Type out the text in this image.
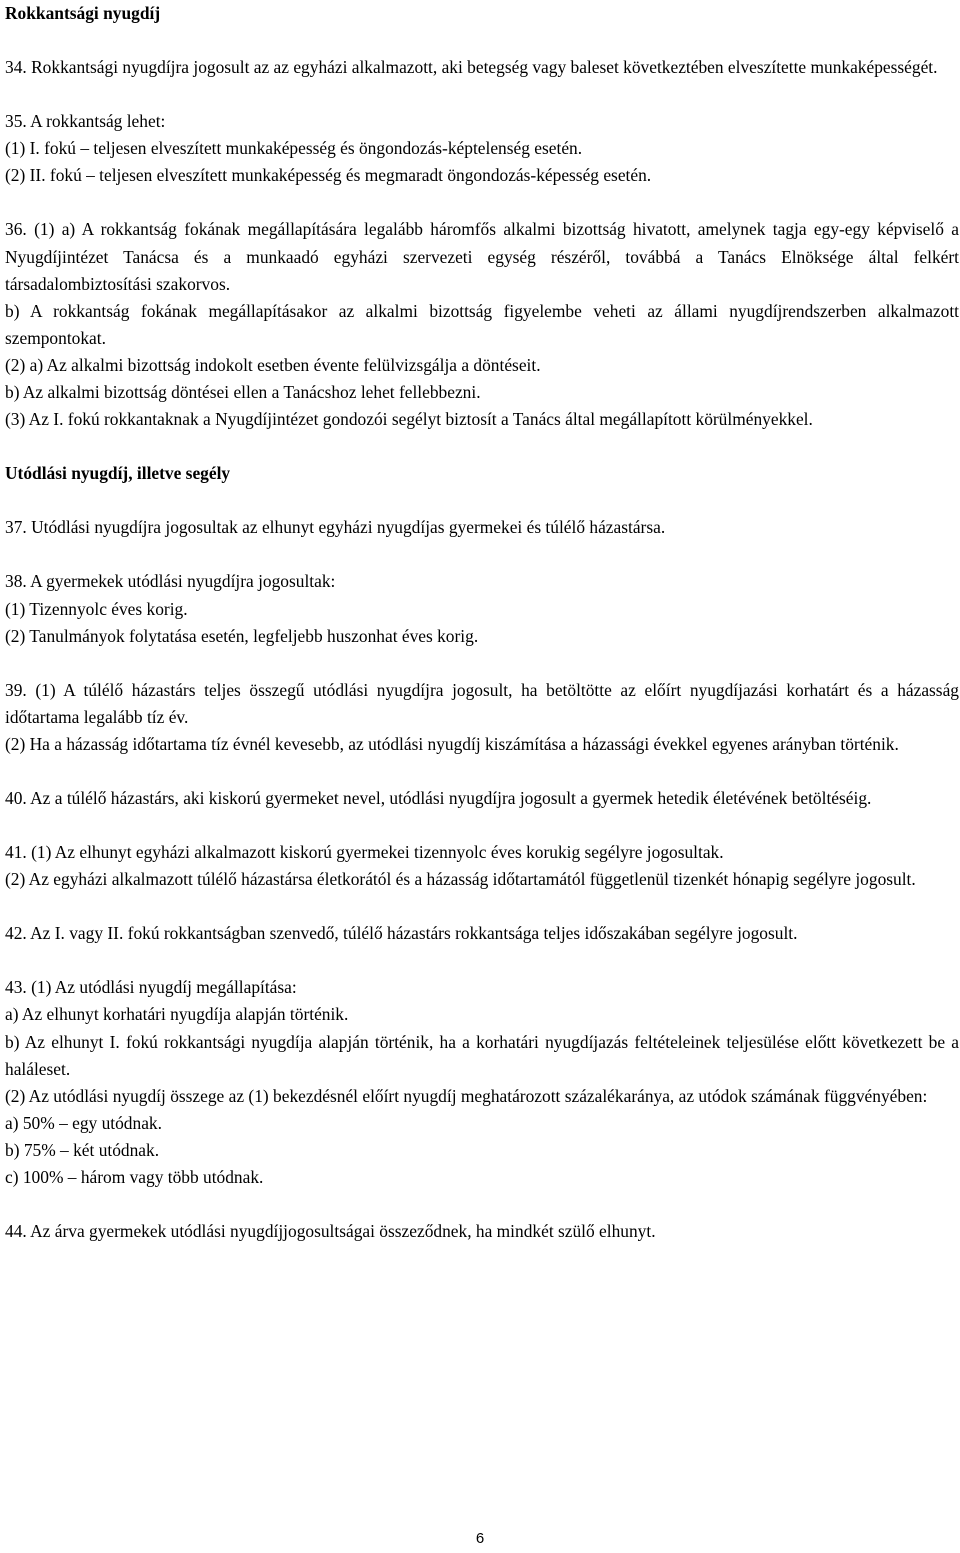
Rokkantsági nyugdíj
34. Rokkantsági nyugdíjra jogosult az az egyházi alkalmazott, aki betegség vagy baleset következtében elveszítette munkaképességét.
35. A rokkantság lehet:
(1) I. fokú – teljesen elveszített munkaképesség és öngondozás-képtelenség esetén.
(2) II. fokú – teljesen elveszített munkaképesség és megmaradt öngondozás-képesség esetén.
36. (1) a) A rokkantság fokának megállapítására legalább háromfős alkalmi bizottság hivatott, amelynek tagja egy-egy képviselő a Nyugdíjintézet Tanácsa és a munkaadó egyházi szervezeti egység részéről, továbbá a Tanács Elnöksége által felkért társadalombiztosítási szakorvos.
b) A rokkantság fokának megállapításakor az alkalmi bizottság figyelembe veheti az állami nyugdíjrendszerben alkalmazott szempontokat.
(2) a) Az alkalmi bizottság indokolt esetben évente felülvizsgálja a döntéseit.
b) Az alkalmi bizottság döntései ellen a Tanácshoz lehet fellebbezni.
(3) Az I. fokú rokkantaknak a Nyugdíjintézet gondozói segélyt biztosít a Tanács által megállapított körülményekkel.
Utódlási nyugdíj, illetve segély
37. Utódlási nyugdíjra jogosultak az elhunyt egyházi nyugdíjas gyermekei és túlélő házastársa.
38. A gyermekek utódlási nyugdíjra jogosultak:
(1) Tizennyolc éves korig.
(2) Tanulmányok folytatása esetén, legfeljebb huszonhat éves korig.
39. (1) A túlélő házastárs teljes összegű utódlási nyugdíjra jogosult, ha betöltötte az előírt nyugdíjazási korhatárt és a házasság időtartama legalább tíz év.
(2) Ha a házasság időtartama tíz évnél kevesebb, az utódlási nyugdíj kiszámítása a házassági évekkel egyenes arányban történik.
40. Az a túlélő házastárs, aki kiskorú gyermeket nevel, utódlási nyugdíjra jogosult a gyermek hetedik életévének betöltéséig.
41. (1) Az elhunyt egyházi alkalmazott kiskorú gyermekei tizennyolc éves korukig segélyre jogosultak.
(2) Az egyházi alkalmazott túlélő házastársa életkorától és a házasság időtartamától függetlenül tizenkét hónapig segélyre jogosult.
42. Az I. vagy II. fokú rokkantságban szenvedő, túlélő házastárs rokkantsága teljes időszakában segélyre jogosult.
43. (1) Az utódlási nyugdíj megállapítása:
a) Az elhunyt korhatári nyugdíja alapján történik.
b) Az elhunyt I. fokú rokkantsági nyugdíja alapján történik, ha a korhatári nyugdíjazás feltételeinek teljesülése előtt következett be a haláleset.
(2) Az utódlási nyugdíj összege az (1) bekezdésnél előírt nyugdíj meghatározott százalékaránya, az utódok számának függvényében:
a) 50% – egy utódnak.
b) 75% – két utódnak.
c) 100% – három vagy több utódnak.
44. Az árva gyermekek utódlási nyugdíjjogosultságai összeződnek, ha mindkét szülő elhunyt.
6
